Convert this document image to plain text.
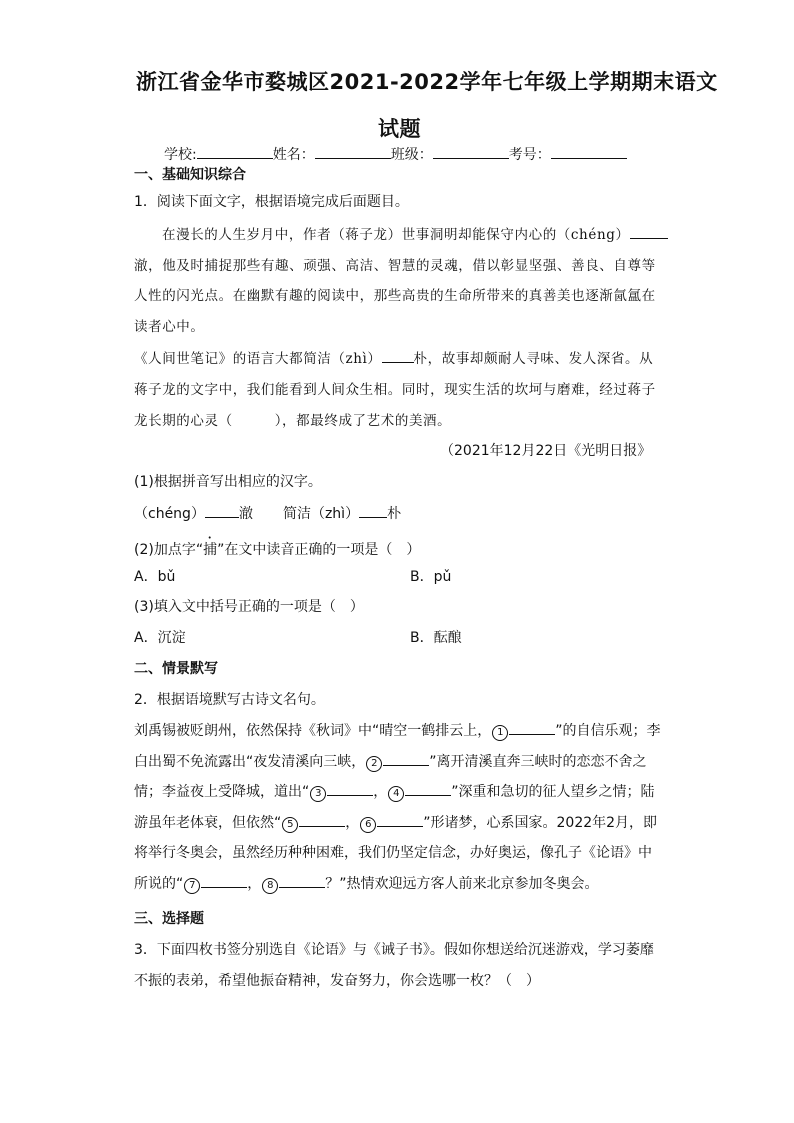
浙江省金华市婺城区2021-2022学年七年级上学期期末语文
试题
学校:	姓名：	班级：	考号：
一、基础知识综合
1．阅读下面文字，根据语境完成后面题目。
在漫长的人生岁月中，作者（蒋子龙）世事洞明却能保守内心的（chéng）
澈，他及时捕捉那些有趣、顽强、高洁、智慧的灵魂，借以彰显坚强、善良、自尊等
人性的闪光点。在幽默有趣的阅读中，那些高贵的生命所带来的真善美也逐渐氤氲在
读者心中。
《人间世笔记》的语言大都简洁（zhì） 朴，故事却颇耐人寻味、发人深省。从
蒋子龙的文字中，我们能看到人间众生相。同时，现实生活的坎坷与磨难，经过蒋子
龙长期的心灵（	），都最终成了艺术的美酒。
（2021年12月22日《光明日报》
(1)根据拼音写出相应的汉字。
（chéng） 澈 简洁（zhì） 朴
(2)加点字“捕”在文中读音正确的一项是（　）
A．bǔ	B．pǔ
(3)填入文中括号正确的一项是（　）
A．沉淀	B．酝酿
二、情景默写
2．根据语境默写古诗文名句。
刘禹锡被贬朗州，依然保持《秋词》中“晴空一鹤排云上， 1	”的自信乐观；李
白出蜀不免流露出“夜发清溪向三峡， 2	”离开清溪直奔三峡时的恋恋不舍之
情；李益夜上受降城，道出“ 3	， 4	”深重和急切的征人望乡之情；陆
游虽年老体衰，但依然“ 5	， 6	”形诸梦，心系国家。2022年2月，即
将举行冬奥会，虽然经历种种困难，我们仍坚定信念，办好奥运，像孔子《论语》中
所说的“ 7	， 8	？”热情欢迎远方客人前来北京参加冬奥会。
三、选择题
3．下面四枚书签分别选自《论语》与《诫子书》。假如你想送给沉迷游戏，学习萎靡
不振的表弟，希望他振奋精神，发奋努力，你会选哪一枚？（　）
